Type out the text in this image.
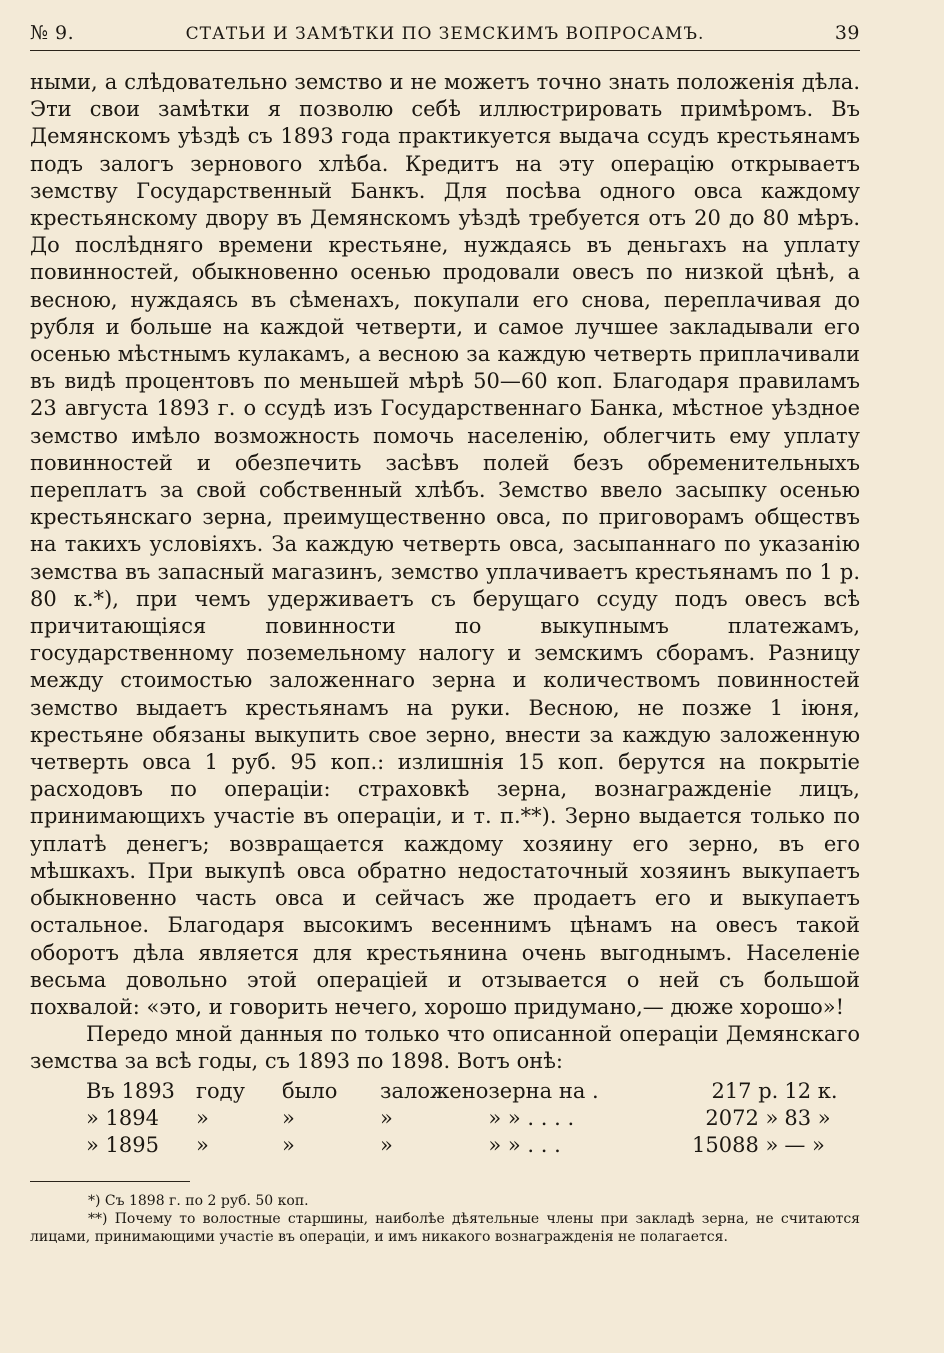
№ 9.	СТАТЬИ И ЗАМѢТКИ ПО ЗЕМСКИМЪ ВОПРОСАМЪ.	39

ными, а слѣдовательно земство и не можетъ точно знать положенія дѣла. Эти свои замѣтки я позволю себѣ иллюстрировать примѣромъ. Въ Демянскомъ уѣздѣ съ 1893 года практикуется выдача ссудъ крестьянамъ подъ залогъ зернового хлѣба. Кредитъ на эту операцію открываетъ земству Государственный Банкъ. Для посѣва одного овса каждому крестьянскому двору въ Демянскомъ уѣздѣ требуется отъ 20 до 80 мѣръ. До послѣдняго времени крестьяне, нуждаясь въ деньгахъ на уплату повинностей, обыкновенно осенью продовали овесъ по низкой цѣнѣ, а весною, нуждаясь въ сѣменахъ, покупали его снова, переплачивая до рубля и больше на каждой четверти, и самое лучшее закладывали его осенью мѣстнымъ кулакамъ, а весною за каждую четверть приплачивали въ видѣ процентовъ по меньшей мѣрѣ 50—60 коп. Благодаря правиламъ 23 августа 1893 г. о ссудѣ изъ Государственнаго Банка, мѣстное уѣздное земство имѣло возможность помочь населенію, облегчить ему уплату повинностей и обезпечить засѣвъ полей безъ обременительныхъ переплатъ за свой собственный хлѣбъ. Земство ввело засыпку осенью крестьянскаго зерна, преимущественно овса, по приговорамъ обществъ на такихъ условіяхъ. За каждую четверть овса, засыпаннаго по указанію земства въ запасный магазинъ, земство уплачиваетъ крестьянамъ по 1 р. 80 к.*), при чемъ удерживаетъ съ берущаго ссуду подъ овесъ всѣ причитающіяся повинности по выкупнымъ платежамъ, государственному поземельному налогу и земскимъ сборамъ. Разницу между стоимостью заложеннаго зерна и количествомъ повинностей земство выдаетъ крестьянамъ на руки. Весною, не позже 1 іюня, крестьяне обязаны выкупить свое зерно, внести за каждую заложенную четверть овса 1 руб. 95 коп.: излишнія 15 коп. берутся на покрытіе расходовъ по операціи: страховкѣ зерна, вознагражденіе лицъ, принимающихъ участіе въ операціи, и т. п.**). Зерно выдается только по уплатѣ денегъ; возвращается каждому хозяину его зерно, въ его мѣшкахъ. При выкупѣ овса обратно недостаточный хозяинъ выкупаетъ обыкновенно часть овса и сейчасъ же продаетъ его и выкупаетъ остальное. Благодаря высокимъ весеннимъ цѣнамъ на овесъ такой оборотъ дѣла является для крестьянина очень выгоднымъ. Населеніе весьма довольно этой операціей и отзывается о ней съ большой похвалой: «это, и говорить нечего, хорошо придумано,— дюже хорошо»!

Передо мной данныя по только что описанной операціи Демянскаго земства за всѣ годы, съ 1893 по 1898. Вотъ онѣ:

Въ 1893	году	было	заложено	зерна на .	217 р.	12 к.
» 1894	»	»	»	» » . . . .	2072 »	83 »
» 1895	»	»	»	» » . . .	15088 »	— »

*) Съ 1898 г. по 2 руб. 50 коп.

**) Почему то волостные старшины, наиболѣе дѣятельные члены при закладѣ зерна, не считаются лицами, принимающими участіе въ операціи, и имъ никакого вознагражденія не полагается.
